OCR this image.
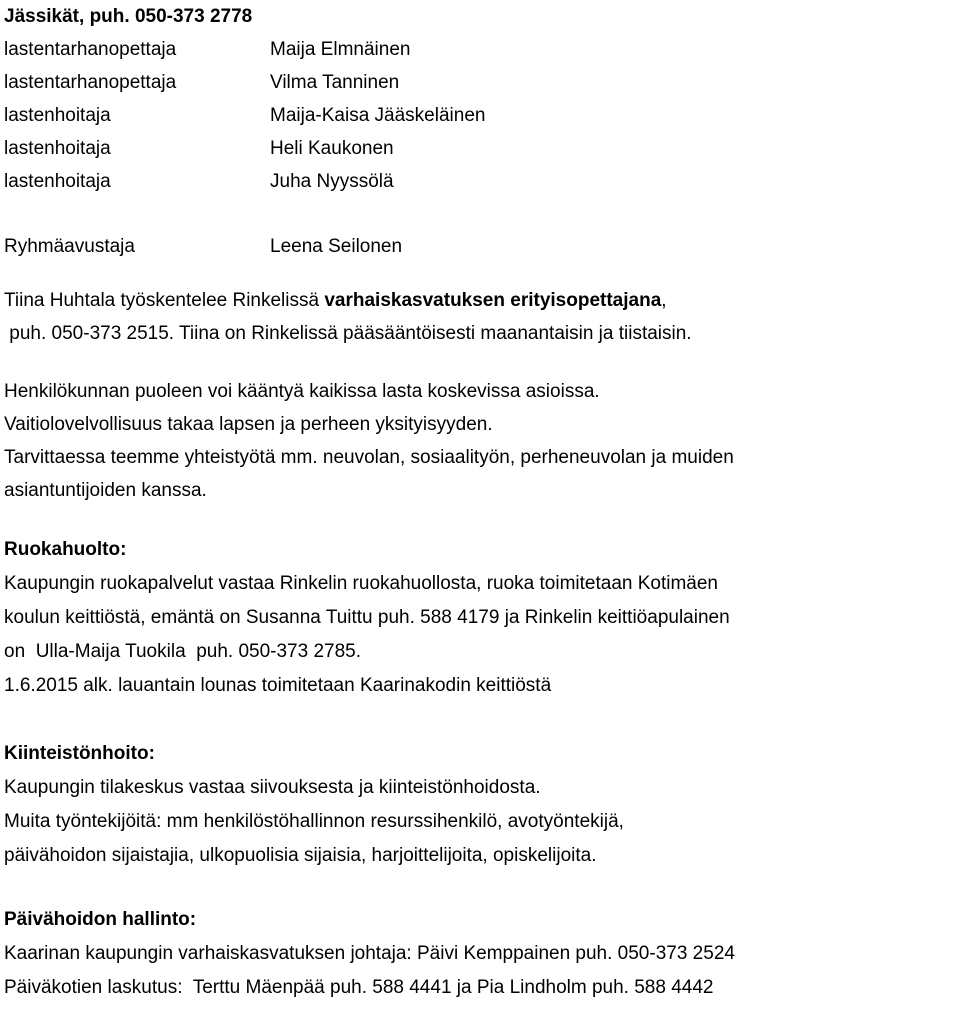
Jässikät, puh. 050-373 2778
lastentarhanopettaja	Maija Elmnäinen
lastentarhanopettaja	Vilma Tanninen
lastenhoitaja	Maija-Kaisa Jääskeläinen
lastenhoitaja	Heli Kaukonen
lastenhoitaja	Juha Nyyssölä
Ryhmäavustaja	Leena Seilonen
Tiina Huhtala työskentelee Rinkelissä varhaiskasvatuksen erityisopettajana,
puh. 050-373 2515. Tiina on Rinkelissä pääsääntöisesti maanantaisin ja tiistaisin.
Henkilökunnan puoleen voi kääntyä kaikissa lasta koskevissa asioissa.
Vaitiolovelvollisuus takaa lapsen ja perheen yksityisyyden.
Tarvittaessa teemme yhteistyötä mm. neuvolan, sosiaalityön, perheneuvolan ja muiden
asiantuntijoiden kanssa.
Ruokahuolto:
Kaupungin ruokapalvelut vastaa Rinkelin ruokahuollosta, ruoka toimitetaan Kotimäen
koulun keittiöstä, emäntä on Susanna Tuittu puh. 588 4179 ja Rinkelin keittiöapulainen
on  Ulla-Maija Tuokila  puh. 050-373 2785.
1.6.2015 alk. lauantain lounas toimitetaan Kaarinakodin keittiöstä
Kiinteistönhoito:
Kaupungin tilakeskus vastaa siivouksesta ja kiinteistönhoidosta.
Muita työntekijöitä: mm henkilöstöhallinnon resurssihenkilö, avotyöntekijä,
päivähoidon sijaistajia, ulkopuolisia sijaisia, harjoittelijoita, opiskelijoita.
Päivähoidon hallinto:
Kaarinan kaupungin varhaiskasvatuksen johtaja: Päivi Kemppainen puh. 050-373 2524
Päiväkotien laskutus:  Terttu Mäenpää puh. 588 4441 ja Pia Lindholm puh. 588 4442
